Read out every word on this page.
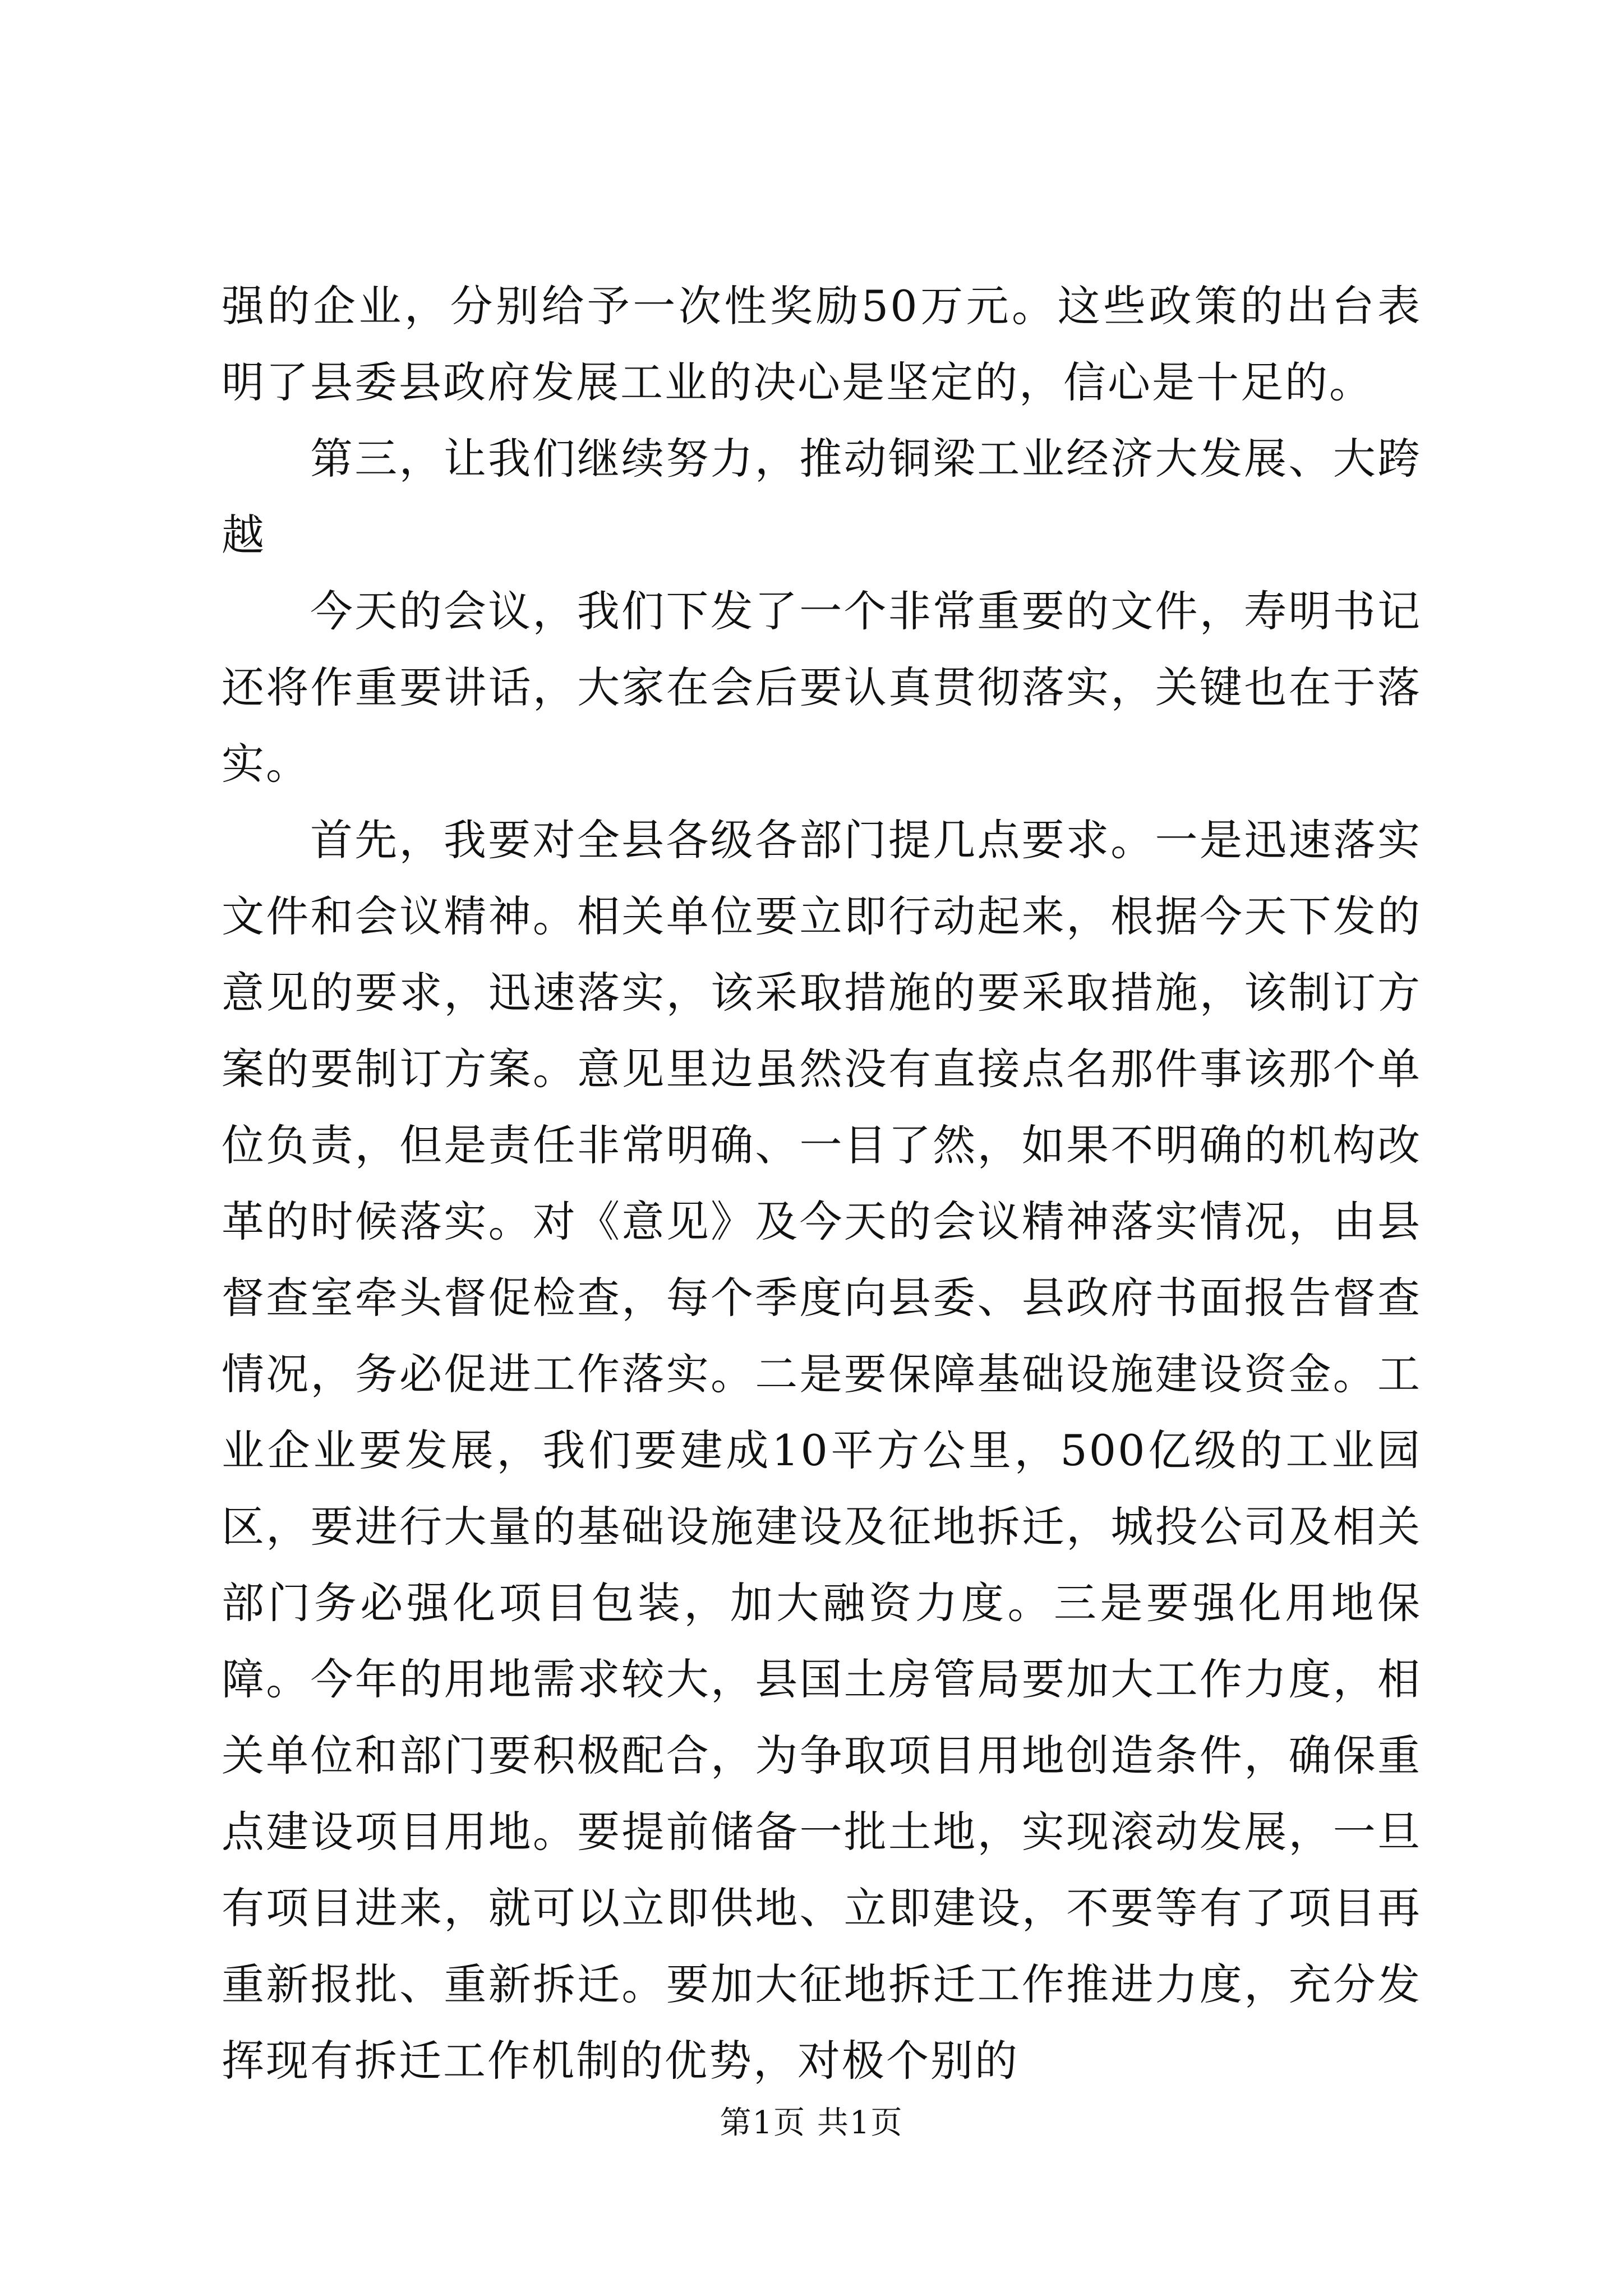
强的企业，分别给予一次性奖励50万元。这些政策的出台表明了县委县政府发展工业的决心是坚定的，信心是十足的。

第三，让我们继续努力，推动铜梁工业经济大发展、大跨越

今天的会议，我们下发了一个非常重要的文件，寿明书记还将作重要讲话，大家在会后要认真贯彻落实，关键也在于落实。

首先，我要对全县各级各部门提几点要求。一是迅速落实文件和会议精神。相关单位要立即行动起来，根据今天下发的意见的要求，迅速落实，该采取措施的要采取措施，该制订方案的要制订方案。意见里边虽然没有直接点名那件事该那个单位负责，但是责任非常明确、一目了然，如果不明确的机构改革的时候落实。对《意见》及今天的会议精神落实情况，由县督查室牵头督促检查，每个季度向县委、县政府书面报告督查情况，务必促进工作落实。二是要保障基础设施建设资金。工业企业要发展，我们要建成10平方公里，500亿级的工业园区，要进行大量的基础设施建设及征地拆迁，城投公司及相关部门务必强化项目包装，加大融资力度。三是要强化用地保障。今年的用地需求较大，县国土房管局要加大工作力度，相关单位和部门要积极配合，为争取项目用地创造条件，确保重点建设项目用地。要提前储备一批土地，实现滚动发展，一旦有项目进来，就可以立即供地、立即建设，不要等有了项目再重新报批、重新拆迁。要加大征地拆迁工作推进力度，充分发挥现有拆迁工作机制的优势，对极个别的

第1页 共1页
